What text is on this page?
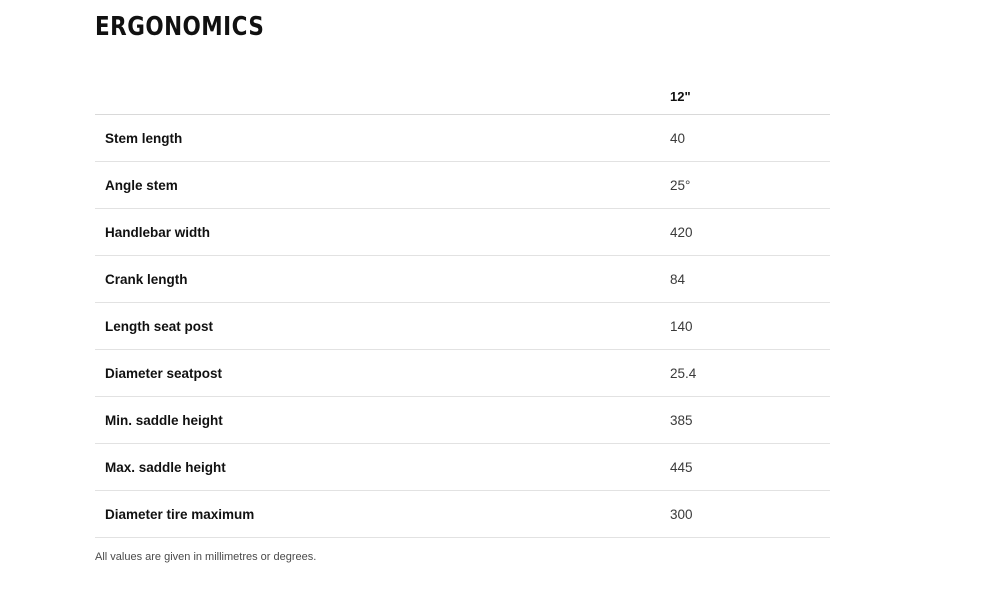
ERGONOMICS
	12"
Stem length	40
Angle stem	25°
Handlebar width	420
Crank length	84
Length seat post	140
Diameter seatpost	25.4
Min. saddle height	385
Max. saddle height	445
Diameter tire maximum	300
All values are given in millimetres or degrees.
